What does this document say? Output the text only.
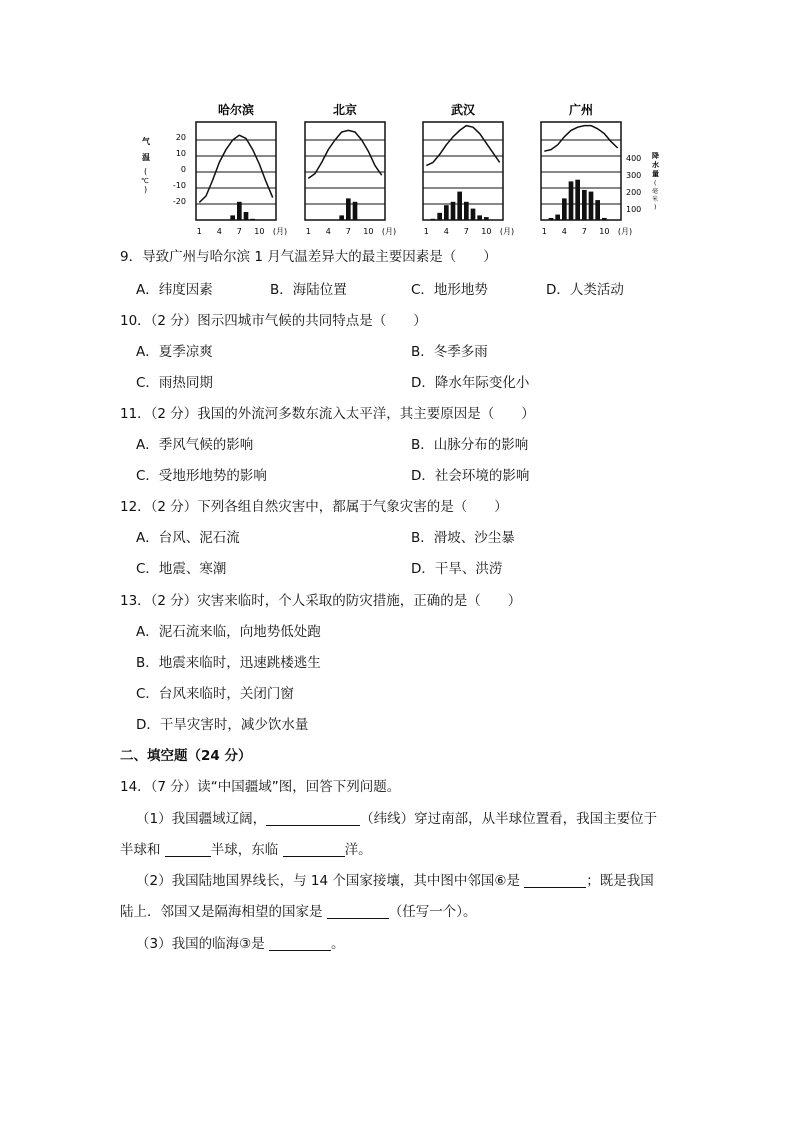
气
温
(
℃
)
20
10
0
-10
-20
400
300
200
100
降
水
量
(
毫
米
)
哈尔滨
1 4 7 10 (月)
北京
1 4 7 10 (月)
武汉
1 4 7 10 (月)
广州
1 4 7 10 (月)
9．导致广州与哈尔滨 1 月气温差异大的最主要因素是（　　）
A．纬度因素	B．海陆位置	C．地形地势	D．人类活动
10．（2 分）图示四城市气候的共同特点是（　　）
A．夏季凉爽	B．冬季多雨
C．雨热同期	D．降水年际变化小
11．（2 分）我国的外流河多数东流入太平洋，其主要原因是（　　）
A．季风气候的影响	B．山脉分布的影响
C．受地形地势的影响	D．社会环境的影响
12．（2 分）下列各组自然灾害中，都属于气象灾害的是（　　）
A．台风、泥石流	B．滑坡、沙尘暴
C．地震、寒潮	D．干旱、洪涝
13．（2 分）灾害来临时，个人采取的防灾措施，正确的是（　　）
A．泥石流来临，向地势低处跑
B．地震来临时，迅速跳楼逃生
C．台风来临时，关闭门窗
D．干旱灾害时，减少饮水量
二、填空题（24 分）
14．（7 分）读“中国疆域”图，回答下列问题。
（1）我国疆域辽阔，	（纬线）穿过南部，从半球位置看，我国主要位于
半球和	半球，东临	洋。
（2）我国陆地国界线长，与 14 个国家接壤，其中图中邻国⑥是	；既是我国
陆上．邻国又是隔海相望的国家是	（任写一个）。
（3）我国的临海③是	。
